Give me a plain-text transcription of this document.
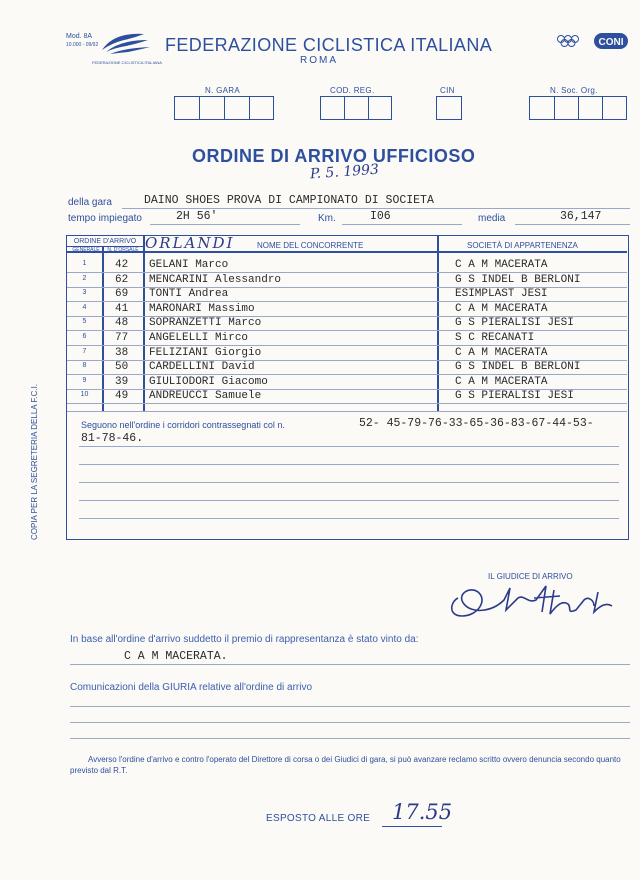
Mod. 8A
10.000 - 09/92
FEDERAZIONE CICLISTICA ITALIANA
FEDERAZIONE CICLISTICA ITALIANA
ROMA
CONI
N. GARA	COD. REG.	CIN	N. Soc. Org.
ORDINE DI ARRIVO UFFICIOSO
P. 5. 1993
della gara	DAINO SHOES PROVA DI CAMPIONATO DI SOCIETA
tempo impiegato	2H 56'	Km.	I06	media	36,147
ORDINE D'ARRIVO
GENERALE	N. D'ORSALE	NOME DEL CONCORRENTE	SOCIETÀ DI APPARTENENZA
ORLANDI
1	42 GELANI Marco	C A M MACERATA
2	62 MENCARINI Alessandro	G S INDEL B BERLONI
3	69 TONTI Andrea	ESIMPLAST JESI
4	41 MARONARI Massimo	C A M MACERATA
5	48 SOPRANZETTI Marco	G S PIERALISI JESI
6	77 ANGELELLI Mirco	S C RECANATI
7	38 FELIZIANI Giorgio	C A M MACERATA
8	50 CARDELLINI David	G S INDEL B BERLONI
9	39 GIULIODORI Giacomo	C A M MACERATA
10	49 ANDREUCCI Samuele	G S PIERALISI JESI
Seguono nell'ordine i corridori contrassegnati col n.	52- 45-79-76-33-65-36-83-67-44-53-
81-78-46.
COPIA PER LA SEGRETERIA DELLA F.C.I.
IL GIUDICE DI ARRIVO
In base all'ordine d'arrivo suddetto il premio di rappresentanza è stato vinto da:
C A M MACERATA.
Comunicazioni della GIURIA relative all'ordine di arrivo
Avverso l'ordine d'arrivo e contro l'operato del Direttore di corsa o dei Giudici di gara, si può avanzare reclamo scritto ovvero denuncia secondo quanto previsto dal R.T.
ESPOSTO ALLE ORE 17.55
